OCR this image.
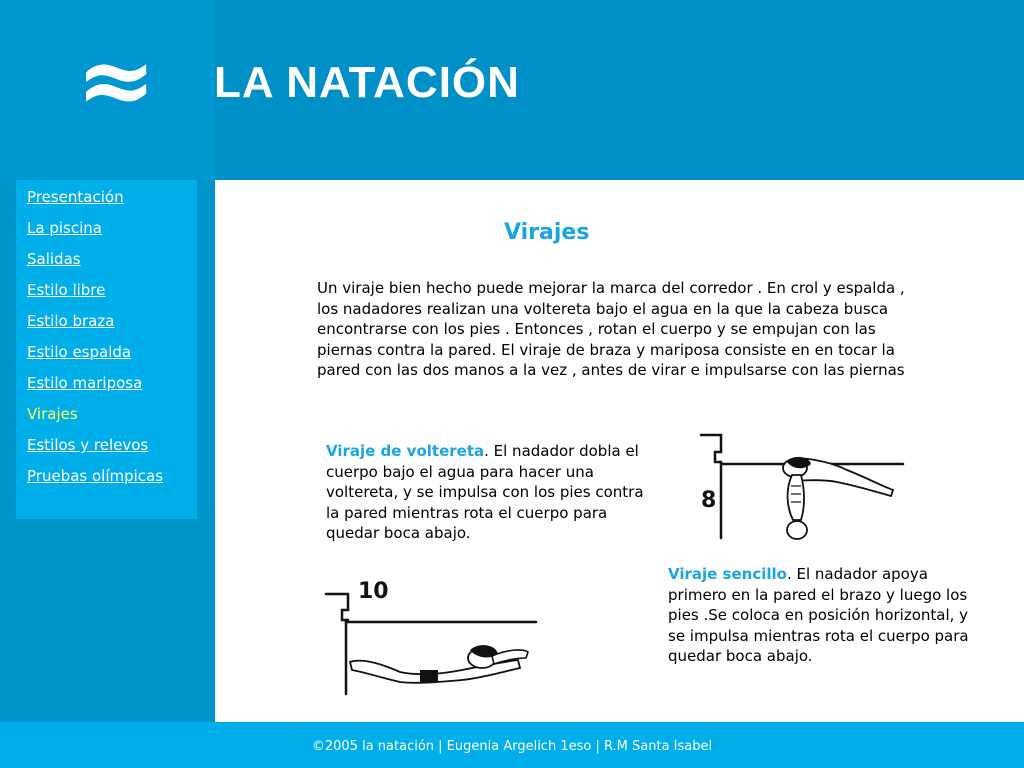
≈ LA NATACIÓN
Presentación
La piscina
Salidas
Estilo libre
Estilo braza
Estilo espalda
Estilo mariposa
Virajes
Estilos y relevos
Pruebas olímpicas
Virajes

Un viraje bien hecho puede mejorar la marca del corredor . En crol y espalda , los nadadores realizan una voltereta bajo el agua en la que la cabeza busca encontrarse con los pies . Entonces , rotan el cuerpo y se empujan con las piernas contra la pared. El viraje de braza y mariposa consiste en en tocar la pared con las dos manos a la vez , antes de virar e impulsarse con las piernas

Viraje de voltereta. El nadador dobla el cuerpo bajo el agua para hacer una voltereta, y se impulsa con los pies contra la pared mientras rota el cuerpo para quedar boca abajo.

Viraje sencillo. El nadador apoya primero en la pared el brazo y luego los pies .Se coloca en posición horizontal, y se impulsa mientras rota el cuerpo para quedar boca abajo.

8
10
©2005 la natación | Eugenia Argelich 1eso | R.M Santa Isabel
